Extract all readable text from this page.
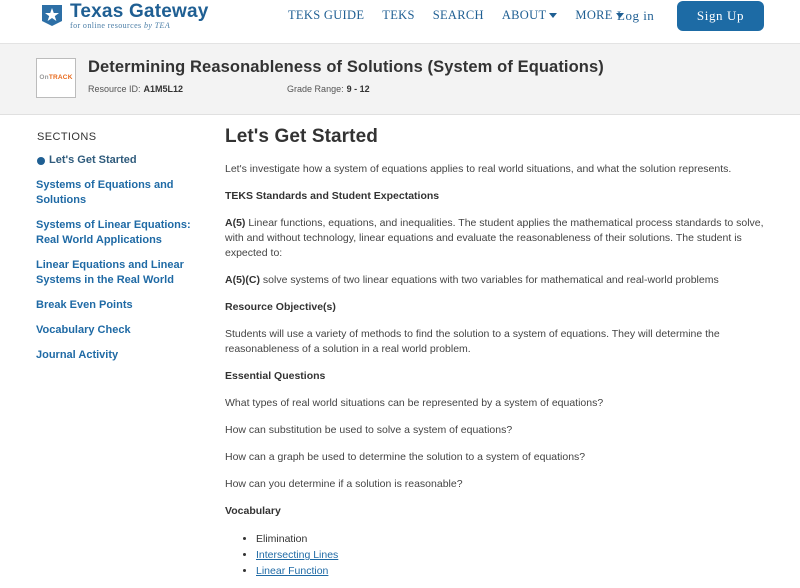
Texas Gateway
for online resources by TEA
TEKS GUIDE TEKS SEARCH ABOUT MORE Log in	Sign Up
OnTRACK
Determining Reasonableness of Solutions (System of Equations)
Resource ID: A1M5L12	Grade Range: 9 - 12
SECTIONS
Let's Get Started
Systems of Equations and Solutions
Systems of Linear Equations: Real World Applications
Linear Equations and Linear Systems in the Real World
Break Even Points
Vocabulary Check
Journal Activity
Let's Get Started

Let's investigate how a system of equations applies to real world situations, and what the solution represents.

TEKS Standards and Student Expectations

A(5) Linear functions, equations, and inequalities. The student applies the mathematical process standards to solve, with and without technology, linear equations and evaluate the reasonableness of their solutions. The student is expected to:

A(5)(C) solve systems of two linear equations with two variables for mathematical and real-world problems

Resource Objective(s)

Students will use a variety of methods to find the solution to a system of equations. They will determine the reasonableness of a solution in a real world problem.

Essential Questions

What types of real world situations can be represented by a system of equations?

How can substitution be used to solve a system of equations?

How can a graph be used to determine the solution to a system of equations?

How can you determine if a solution is reasonable?

Vocabulary

• Elimination
• Intersecting Lines
• Linear Function
